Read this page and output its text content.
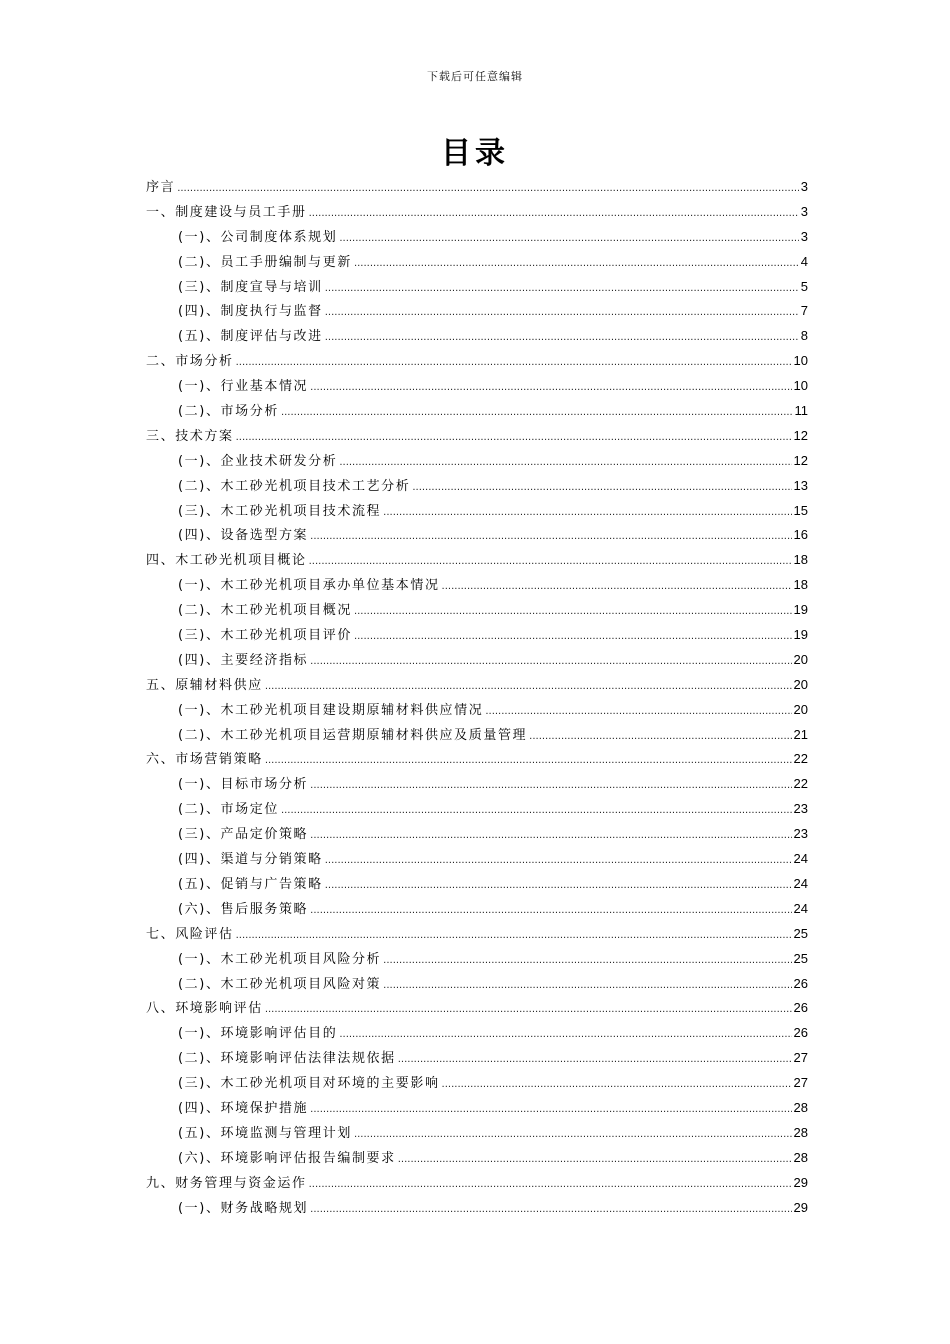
下载后可任意编辑
目录
序言 .....	3
一、制度建设与员工手册 .....	3
(一)、公司制度体系规划 .....	3
(二)、员工手册编制与更新 .....	4
(三)、制度宣导与培训 .....	5
(四)、制度执行与监督 .....	7
(五)、制度评估与改进 .....	8
二、市场分析 .....	10
(一)、行业基本情况 .....	10
(二)、市场分析 .....	11
三、技术方案 .....	12
(一)、企业技术研发分析 .....	12
(二)、木工砂光机项目技术工艺分析 .....	13
(三)、木工砂光机项目技术流程 .....	15
(四)、设备选型方案 .....	16
四、木工砂光机项目概论 .....	18
(一)、木工砂光机项目承办单位基本情况 .....	18
(二)、木工砂光机项目概况 .....	19
(三)、木工砂光机项目评价 .....	19
(四)、主要经济指标 .....	20
五、原辅材料供应 .....	20
(一)、木工砂光机项目建设期原辅材料供应情况 .....	20
(二)、木工砂光机项目运营期原辅材料供应及质量管理 .....	21
六、市场营销策略 .....	22
(一)、目标市场分析 .....	22
(二)、市场定位 .....	23
(三)、产品定价策略 .....	23
(四)、渠道与分销策略 .....	24
(五)、促销与广告策略 .....	24
(六)、售后服务策略 .....	24
七、风险评估 .....	25
(一)、木工砂光机项目风险分析 .....	25
(二)、木工砂光机项目风险对策 .....	26
八、环境影响评估 .....	26
(一)、环境影响评估目的 .....	26
(二)、环境影响评估法律法规依据 .....	27
(三)、木工砂光机项目对环境的主要影响 .....	27
(四)、环境保护措施 .....	28
(五)、环境监测与管理计划 .....	28
(六)、环境影响评估报告编制要求 .....	28
九、财务管理与资金运作 .....	29
(一)、财务战略规划 .....	29
